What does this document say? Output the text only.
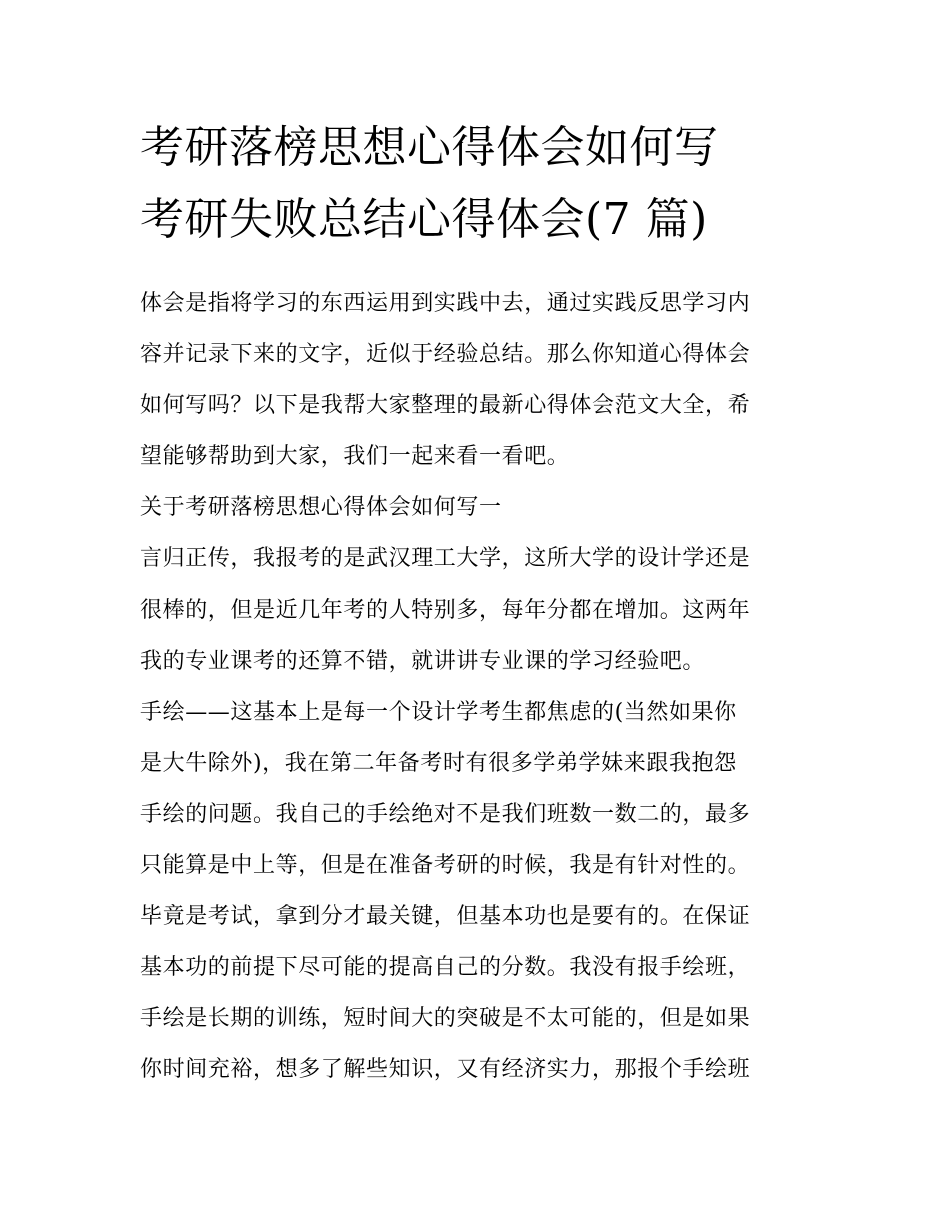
考研落榜思想心得体会如何写
考研失败总结心得体会(7 篇)

体会是指将学习的东西运用到实践中去，通过实践反思学习内

容并记录下来的文字，近似于经验总结。那么你知道心得体会

如何写吗？以下是我帮大家整理的最新心得体会范文大全，希

望能够帮助到大家，我们一起来看一看吧。

关于考研落榜思想心得体会如何写一

言归正传，我报考的是武汉理工大学，这所大学的设计学还是

很棒的，但是近几年考的人特别多，每年分都在增加。这两年

我的专业课考的还算不错，就讲讲专业课的学习经验吧。

手绘——这基本上是每一个设计学考生都焦虑的(当然如果你

是大牛除外)，我在第二年备考时有很多学弟学妹来跟我抱怨

手绘的问题。我自己的手绘绝对不是我们班数一数二的，最多

只能算是中上等，但是在准备考研的时候，我是有针对性的。

毕竟是考试，拿到分才最关键，但基本功也是要有的。在保证

基本功的前提下尽可能的提高自己的分数。我没有报手绘班，

手绘是长期的训练，短时间大的突破是不太可能的，但是如果

你时间充裕，想多了解些知识，又有经济实力，那报个手绘班
